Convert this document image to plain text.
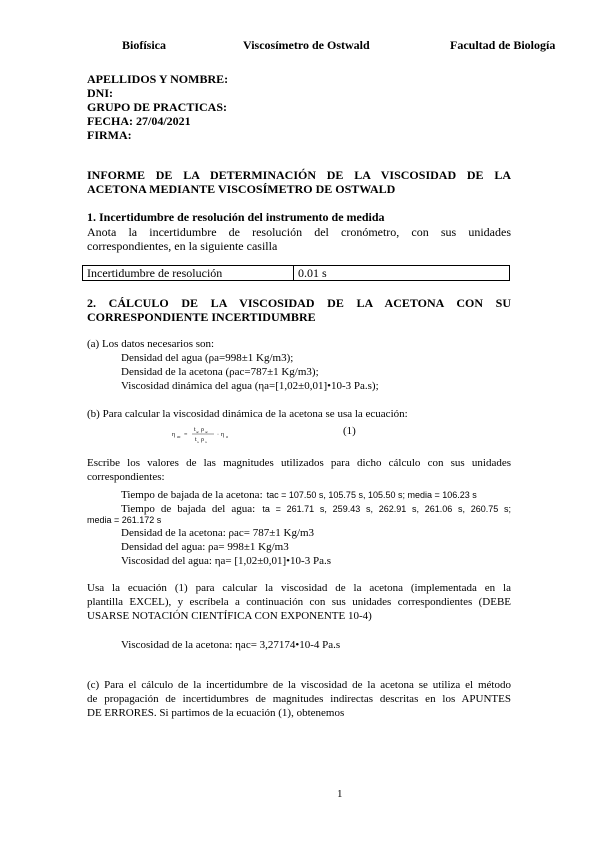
Biofísica	Viscosímetro de Ostwald	Facultad de Biología
APELLIDOS Y NOMBRE:
DNI:
GRUPO DE PRACTICAS:
FECHA: 27/04/2021
FIRMA:
INFORME DE LA DETERMINACIÓN DE LA VISCOSIDAD DE LA
ACETONA MEDIANTE VISCOSÍMETRO DE OSTWALD
1. Incertidumbre de resolución del instrumento de medida
Anota la incertidumbre de resolución del cronómetro, con sus unidades
correspondientes, en la siguiente casilla
Incertidumbre de resolución	0.01 s
2. CÁLCULO DE LA VISCOSIDAD DE LA ACETONA CON SU
CORRESPONDIENTE INCERTIDUMBRE
(a) Los datos necesarios son:
Densidad del agua (ρa=998±1 Kg/m3);
Densidad de la acetona (ρac=787±1 Kg/m3);
Viscosidad dinámica del agua (ηa=[1,02±0,01]•10-3 Pa.s);
(b) Para calcular la viscosidad dinámica de la acetona se usa la ecuación:
η ac =
t ac ρ ac
t a ρ a
· η a	(1)
Escribe los valores de las magnitudes utilizados para dicho cálculo con sus unidades
correspondientes:
Tiempo de bajada de la acetona: tac = 107.50 s, 105.75 s, 105.50 s; media = 106.23 s
Tiempo de bajada del agua: ta = 261.71 s, 259.43 s, 262.91 s, 261.06 s, 260.75 s;
media = 261.172 s
Densidad de la acetona: ρac= 787±1 Kg/m3
Densidad del agua: ρa= 998±1 Kg/m3
Viscosidad del agua: ηa= [1,02±0,01]•10-3 Pa.s
Usa la ecuación (1) para calcular la viscosidad de la acetona (implementada en la
plantilla EXCEL), y escríbela a continuación con sus unidades correspondientes (DEBE
USARSE NOTACIÓN CIENTÍFICA CON EXPONENTE 10-4)
Viscosidad de la acetona: ηac= 3,27174•10-4 Pa.s
(c) Para el cálculo de la incertidumbre de la viscosidad de la acetona se utiliza el método
de propagación de incertidumbres de magnitudes indirectas descritas en los APUNTES
DE ERRORES. Si partimos de la ecuación (1), obtenemos
1
